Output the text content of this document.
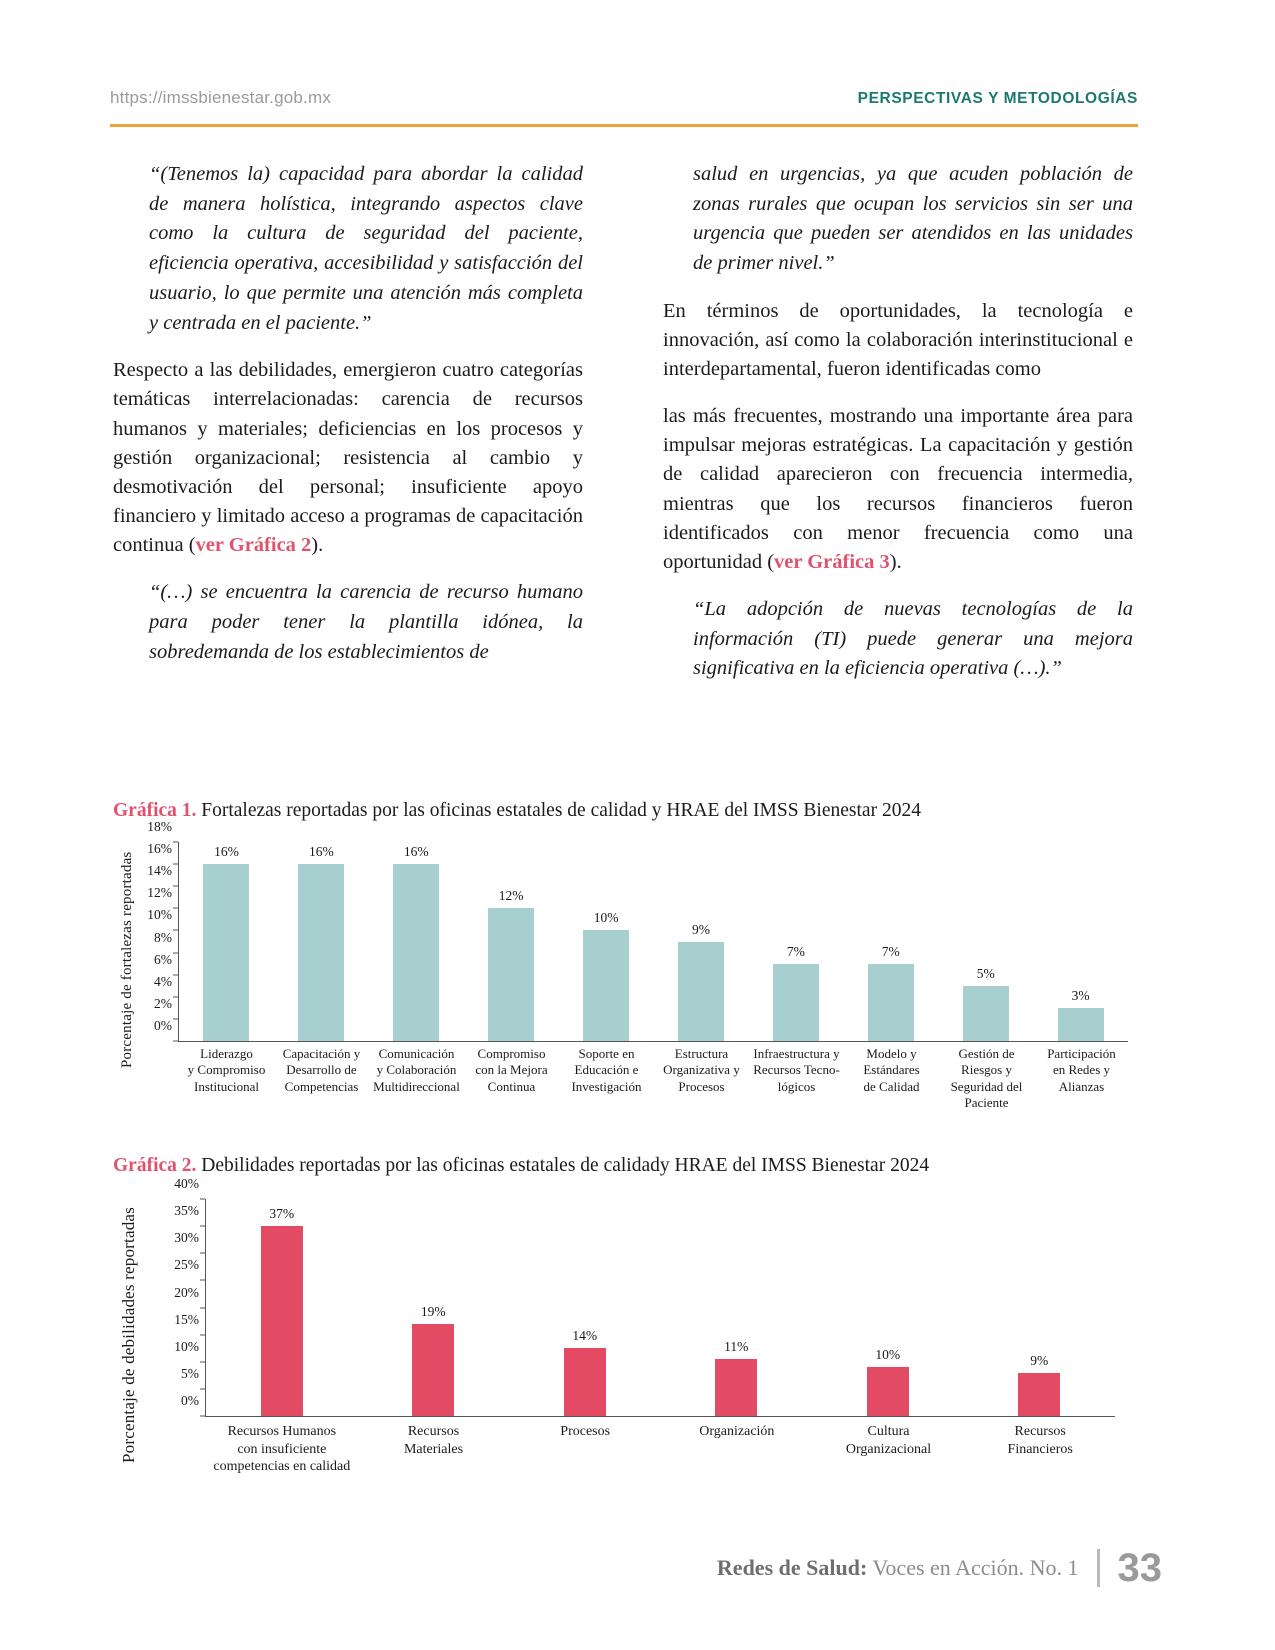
https://imssbienestar.gob.mx	PERSPECTIVAS Y METODOLOGÍAS

“(Tenemos la) capacidad para abordar la calidad de manera holística, integrando aspectos clave como la cultura de seguridad del paciente, eficiencia operativa, accesibilidad y satisfacción del usuario, lo que permite una atención más completa y centrada en el paciente.”

Respecto a las debilidades, emergieron cuatro categorías temáticas interrelacionadas: carencia de recursos humanos y materiales; deficiencias en los procesos y gestión organizacional; resistencia al cambio y desmotivación del personal; insuficiente apoyo financiero y limitado acceso a programas de capacitación continua (ver Gráfica 2).

“(…) se encuentra la carencia de recurso humano para poder tener la plantilla idónea, la sobredemanda de los establecimientos de

salud en urgencias, ya que acuden población de zonas rurales que ocupan los servicios sin ser una urgencia que pueden ser atendidos en las unidades de primer nivel.”

En términos de oportunidades, la tecnología e innovación, así como la colaboración interinstitucional e interdepartamental, fueron identificadas como

las más frecuentes, mostrando una importante área para impulsar mejoras estratégicas. La capacitación y gestión de calidad aparecieron con frecuencia intermedia, mientras que los recursos financieros fueron identificados con menor frecuencia como una oportunidad (ver Gráfica 3).

“La adopción de nuevas tecnologías de la información (TI) puede generar una mejora significativa en la eficiencia operativa (…).”

Gráfica 1. Fortalezas reportadas por las oficinas estatales de calidad y HRAE del IMSS Bienestar 2024
Porcentaje de fortalezas reportadas 0%
2%
4%
6%
8%
10%
12%
14%
16%
18%
16%	16%	16%
12%
10%
9%
7%	7%
5%
3%
Liderazgo
y Compromiso
Institucional
Capacitación y
Desarrollo de
Competencias
Comunicación
y Colaboración
Multidireccional
Compromiso
con la Mejora
Continua
Soporte en
Educación e
Investigación
Estructura
Organizativa y
Procesos
Infraestructura y
Recursos Tecno-
lógicos
Modelo y
Estándares
de Calidad
Gestión de
Riesgos y
Seguridad del
Paciente
Participación
en Redes y
Alianzas
Gráfica 2. Debilidades reportadas por las oficinas estatales de calidady HRAE del IMSS Bienestar 2024
Porcentaje de debilidades reportadas	0%
5%
10%
15%
20%
25%
30%
35%
40%
37%
19%
14%
11%
10%	9%
Recursos Humanos
con insuficiente
competencias en calidad
Recursos
Materiales
Procesos	Organización	Cultura
Organizacional
Recursos
Financieros
Redes de Salud: Voces en Acción. No. 1 33
